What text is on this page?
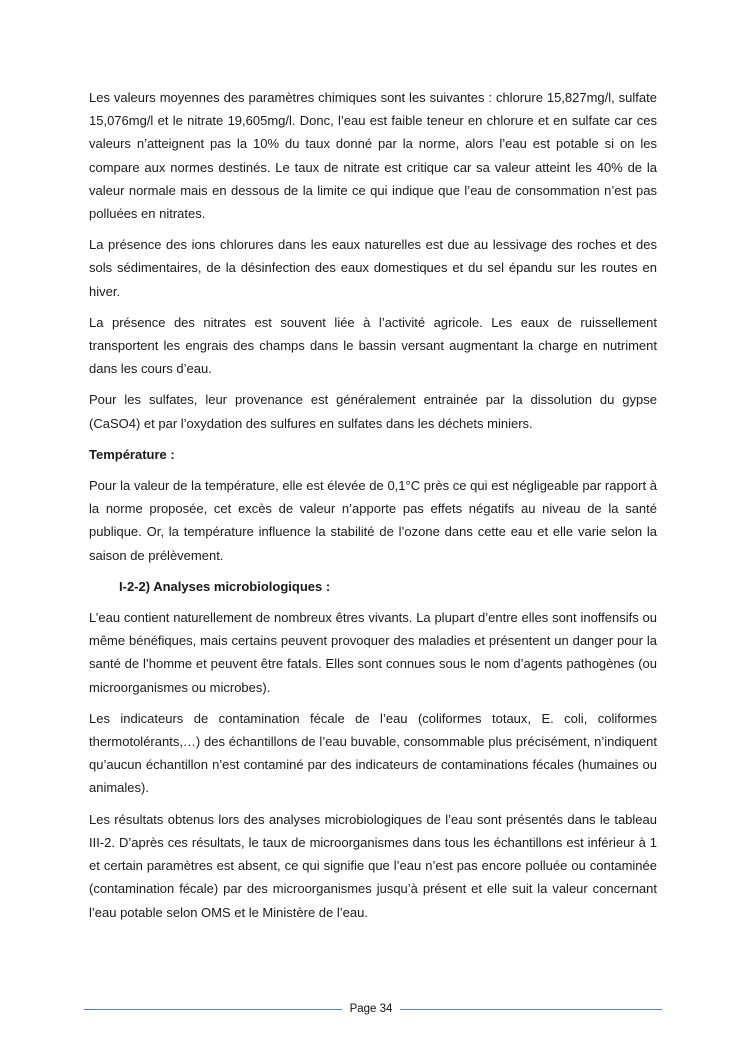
Les valeurs moyennes des paramètres chimiques sont les suivantes : chlorure 15,827mg/l, sulfate 15,076mg/l et le nitrate 19,605mg/l. Donc, l’eau est faible teneur en chlorure et en sulfate car ces valeurs n’atteignent pas la 10% du taux donné par la norme, alors l’eau est potable si on les compare aux normes destinés. Le taux de nitrate est critique car sa valeur atteint les 40% de la valeur normale mais en dessous de la limite ce qui indique que l’eau de consommation n’est pas polluées en nitrates.

La présence des ions chlorures dans les eaux naturelles est due au lessivage des roches et des sols sédimentaires, de la désinfection des eaux domestiques et du sel épandu sur les routes en hiver.

La présence des nitrates est souvent liée à l’activité agricole. Les eaux de ruissellement transportent les engrais des champs dans le bassin versant augmentant la charge en nutriment dans les cours d’eau.

Pour les sulfates, leur provenance est généralement entrainée par la dissolution du gypse (CaSO4) et par l’oxydation des sulfures en sulfates dans les déchets miniers.

Température :

Pour la valeur de la température, elle est élevée de 0,1°C près ce qui est négligeable par rapport à la norme proposée, cet excès de valeur n’apporte pas effets négatifs au niveau de la santé publique. Or, la température influence la stabilité de l’ozone dans cette eau et elle varie selon la saison de prélèvement.

I-2-2) Analyses microbiologiques :

L’eau contient naturellement de nombreux êtres vivants. La plupart d’entre elles sont inoffensifs ou même bénéfiques, mais certains peuvent provoquer des maladies et présentent un danger pour la santé de l’homme et peuvent être fatals. Elles sont connues sous le nom d’agents pathogènes (ou microorganismes ou microbes).

Les indicateurs de contamination fécale de l’eau (coliformes totaux, E. coli, coliformes thermotolérants,…) des échantillons de l’eau buvable, consommable plus précisément, n’indiquent qu’aucun échantillon n’est contaminé par des indicateurs de contaminations fécales (humaines ou animales).

Les résultats obtenus lors des analyses microbiologiques de l’eau sont présentés dans le tableau III-2. D’après ces résultats, le taux de microorganismes dans tous les échantillons est inférieur à 1 et certain paramètres est absent, ce qui signifie que l’eau n’est pas encore polluée ou contaminée (contamination fécale) par des microorganismes jusqu’à présent et elle suit la valeur concernant l’eau potable selon OMS et le Ministère de l’eau.

Page 34
